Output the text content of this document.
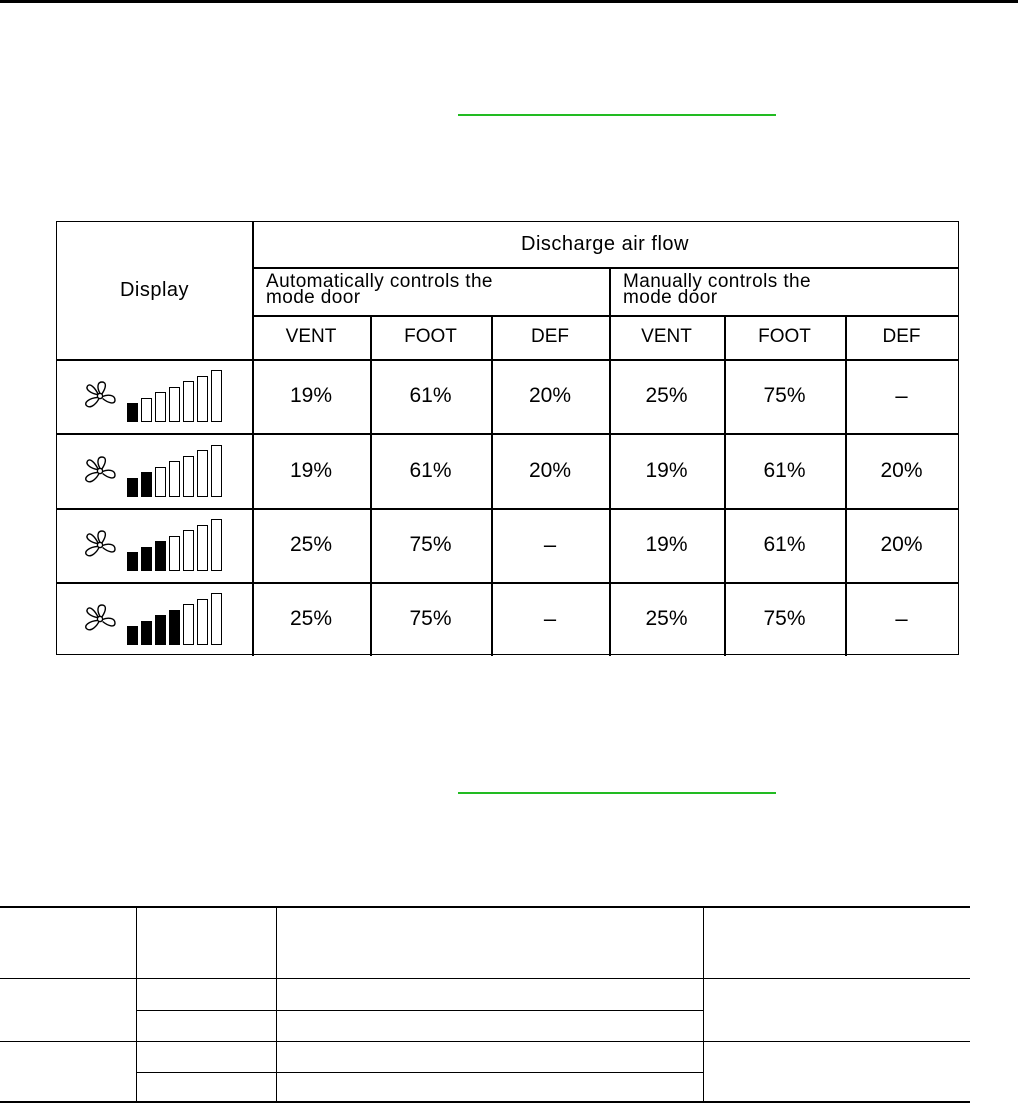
Display
Discharge air flow
Automatically controls the
mode door
Manually controls the
mode door
VENT	FOOT	DEF	VENT	FOOT	DEF
19%	61%	20%	25%	75%	–
19%	61%	20%	19%	61%	20%
25%	75%	–	19%	61%	20%
25%	75%	–	25%	75%	–
